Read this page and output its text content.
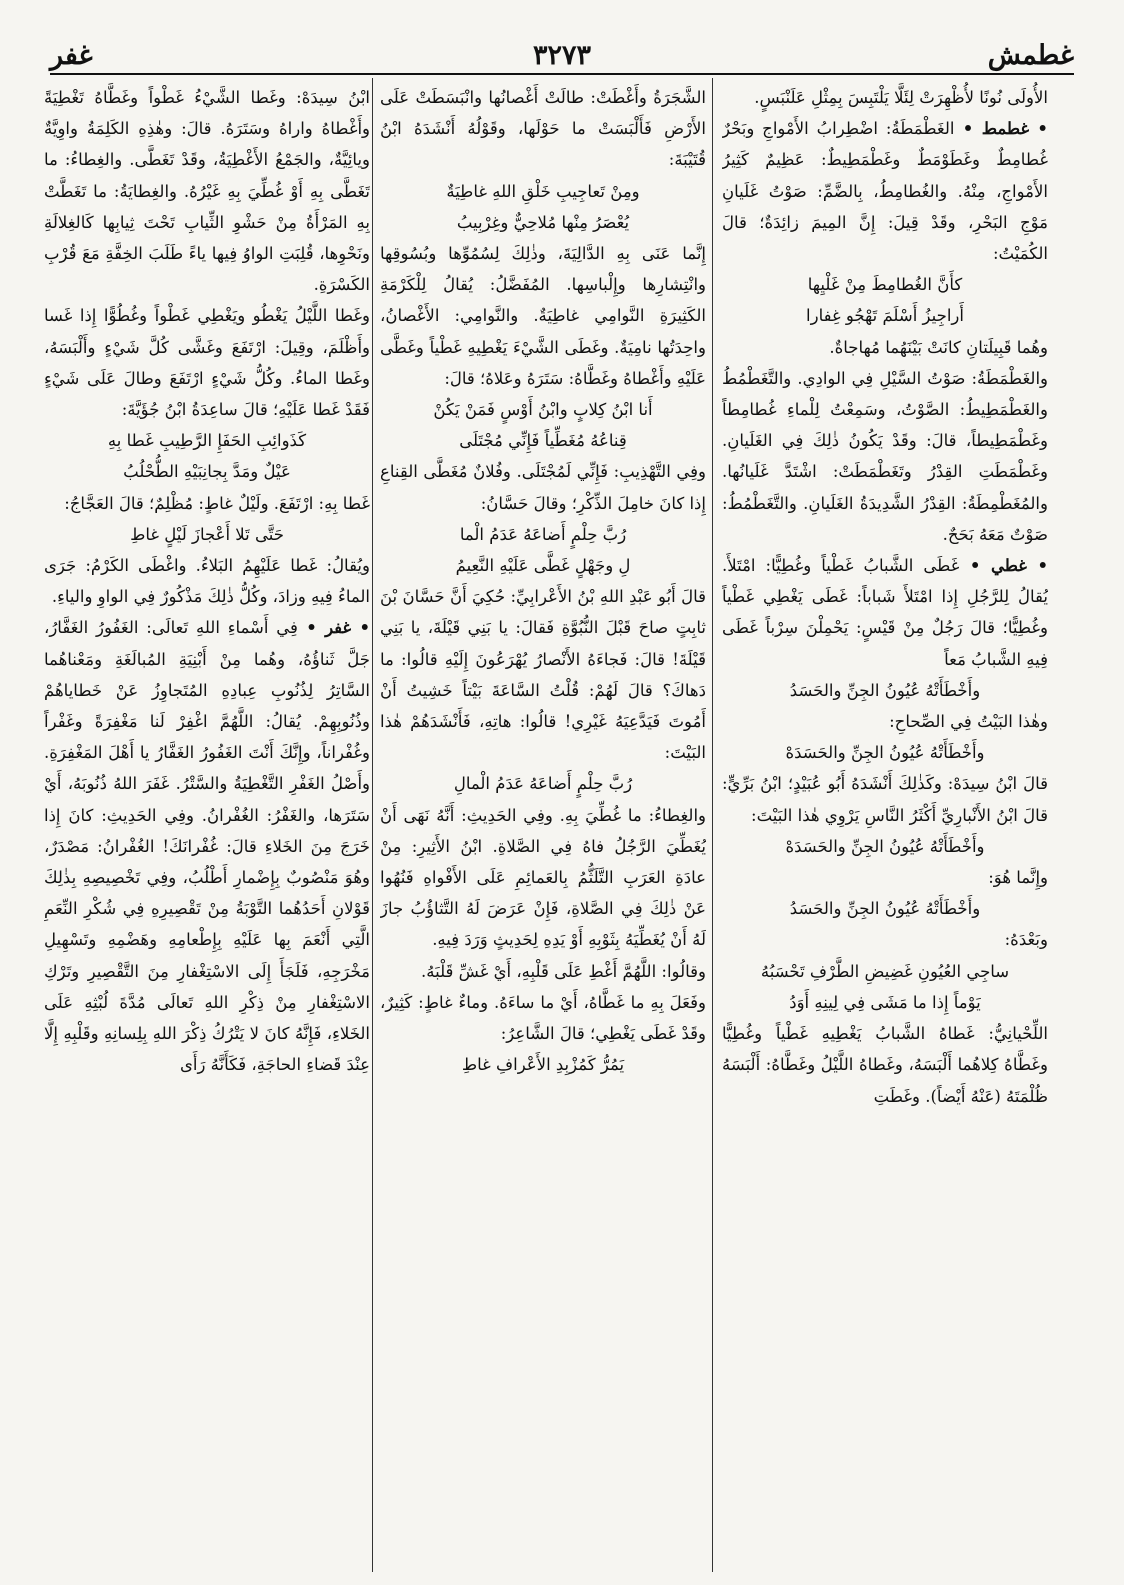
غفر	٣٢٧٣	غطمش

الأُولَى نُونًا لأُظْهِرَتْ لِئَلَّا يَلْتَبِسَ بِمِثْلِ عَلَنْبَسٍ.

• غطمط • الغَطْمَطَةُ: اضْطِرابُ الأَمْواجِ وبَحْرٌ غُطامِطٌ وغَطَوْمَطٌ وغَطْمَطِيطٌ: عَظِيمٌ كَثِيرُ الأَمْواجِ، مِنْهُ. والغُطامِطُ، بِالضَّمِّ: صَوْتُ غَلَيانِ مَوْجِ البَحْرِ، وقَدْ قِيلَ: إِنَّ المِيمَ زائِدَةٌ؛ قالَ الكُمَيْتُ:

كأَنَّ الغُطامِطَ مِنْ غَلْيِها

أَراجِيزُ أَسْلَمَ تَهْجُو غِفارا

وهُما قَبِيلَتانِ كانَتْ بَيْنَهُما مُهاجاةٌ.

والغَطْمَطَةُ: صَوْتُ السَّيْلِ فِي الوادِي. والتَّغَطْمُطُ والغَطْمَطِيطُ: الصَّوْتُ، وسَمِعْتُ لِلْماءِ غُطامِطاً وغَطْمَطِيطاً، قالَ: وقَدْ يَكُونُ ذٰلِكَ فِي الغَلَيانِ. وغَطْمَطَتِ القِدْرُ وتَغَطْمَطَتْ: اشْتَدَّ غَلَيانُها. والمُغَطْمِطَةُ: القِدْرُ الشَّدِيدَةُ الغَلَيانِ. والتَّغَطْمُطُ: صَوْتٌ مَعَهُ بَحَحٌ.

• غطي • غَطَى الشَّبابُ غَطْياً وغُطِيًّا: امْتَلأَ. يُقالُ لِلرَّجُلِ إِذا امْتَلأَ شَباباً: غَطَى يَغْطِي غَطْياً وغُطِيًّا؛ قالَ رَجُلٌ مِنْ قَيْسٍ: يَحْمِلْنَ سِرْباً غَطَى فِيهِ الشَّبابُ مَعاً

وأَخْطَأَتْهُ عُيُونُ الجِنِّ والحَسَدُ

وهٰذا البَيْتُ فِي الصِّحاحِ:

وأَخْطَأَتْهُ عُيُونُ الجِنِّ والحَسَدَهْ

قالَ ابْنُ سِيدَهْ: وكَذٰلِكَ أَنْشَدَهُ أَبُو عُبَيْدٍ؛ ابْنُ بَرِّيٍّ: قالَ ابْنُ الأَنْبارِيِّ أَكْثَرُ النَّاسِ يَرْوِي هٰذا البَيْتَ:

وأَخْطَأَتْهُ عُيُونُ الجِنِّ والحَسَدَهْ

وإِنَّما هُوَ:

وأَخْطَأَتْهُ عُيُونُ الجِنِّ والحَسَدُ

وبَعْدَهُ:

ساجِي العُيُونِ غَضِيضِ الطَّرْفِ تَحْسَبُهُ

يَوْماً إِذا ما مَشَى فِي لِينِهِ أَوَدُ

اللِّحْيانِيُّ: غَطاهُ الشَّبابُ يَغْطِيهِ غَطْياً وغُطِيًّا وغَطَّاهُ كِلاهُما أَلْبَسَهُ، وغَطاهُ اللَّيْلُ وغَطَّاهُ: أَلْبَسَهُ ظُلْمَتَهُ (عَنْهُ أَيْضاً). وغَطَتِ

الشَّجَرَةُ وأَغْطَتْ: طالَتْ أَغْصانُها وانْبَسَطَتْ عَلَى الأَرْضِ فَأَلْبَسَتْ ما حَوْلَها، وقَوْلُهُ أَنْشَدَهُ ابْنُ قُتَيْبَةَ:

ومِنْ تَعاجِيبِ خَلْقِ اللهِ غاطِيَةٌ

يُعْصَرُ مِنْها مُلاحِيٌّ وغِرْبِيبُ

إِنَّما عَنَى بِهِ الدَّالِيَةَ، وذٰلِكَ لِسُمُوِّها وبُسُوقِها وانْتِشارِها وإِلْباسِها. المُفَضَّلُ: يُقالُ لِلْكَرْمَةِ الكَثِيرَةِ النَّوامِي غاطِيَةٌ. والنَّوامِي: الأَغْصانُ، واحِدَتُها نامِيَةٌ. وغَطَى الشَّيْءَ يَغْطِيهِ غَطْياً وغَطَّى عَلَيْهِ وأَغْطاهُ وغَطَّاهُ: سَتَرَهُ وعَلاهُ؛ قالَ:

أَنا ابْنُ كِلابٍ وابْنُ أَوْسٍ فَمَنْ يَكُنْ

قِناعُهُ مُغَطِّياً فَإِنِّي مُجْتَلَى

وفِي التَّهْذِيبِ: فَإِنِّي لَمُجْتَلَى. وفُلانٌ مُغَطَّى القِناعِ إِذا كانَ خامِلَ الذِّكْرِ؛ وقالَ حَسَّانُ:

رُبَّ حِلْمٍ أَضاعَهُ عَدَمُ الْما

لِ وجَهْلٍ غَطَّى عَلَيْهِ النَّعِيمُ

قالَ أَبُو عَبْدِ اللهِ بْنُ الأَعْرابِيِّ: حُكِيَ أَنَّ حَسَّانَ بْنَ ثابِتٍ صاحَ قَبْلَ النُّبُوَّةِ فَقالَ: يا بَنِي قَيْلَةَ، يا بَنِي قَيْلَةَ! قالَ: فَجاءَهُ الأَنْصارُ يُهْرَعُونَ إِلَيْهِ قالُوا: ما دَهاكَ؟ قالَ لَهُمْ: قُلْتُ السَّاعَةَ بَيْتاً خَشِيتُ أَنْ أَمُوتَ فَيَدَّعِيَهُ غَيْرِي! قالُوا: هاتِهِ، فَأَنْشَدَهُمْ هٰذا البَيْتَ:

رُبَّ حِلْمٍ أَضاعَهُ عَدَمُ الْمالِ

والغِطاءُ: ما غُطِّيَ بِهِ. وفِي الحَدِيثِ: أَنَّهُ نَهَى أَنْ يُغَطِّيَ الرَّجُلُ فاهُ فِي الصَّلاةِ. ابْنُ الأَثِيرِ: مِنْ عادَةِ العَرَبِ التَّلَثُّمُ بِالعَمائِمِ عَلَى الأَفْواهِ فَنُهُوا عَنْ ذٰلِكَ فِي الصَّلاةِ، فَإِنْ عَرَضَ لَهُ التَّثاؤُبُ جازَ لَهُ أَنْ يُغَطِّيَهُ بِثَوْبِهِ أَوْ يَدِهِ لِحَدِيثٍ وَرَدَ فِيهِ.

وقالُوا: اللَّهُمَّ أَغْطِ عَلَى قَلْبِهِ، أَيْ غَشِّ قَلْبَهُ.

وفَعَلَ بِهِ ما غَطَّاهُ، أَيْ ما ساءَهُ. وماءٌ غاطٍ: كَثِيرٌ، وقَدْ غَطَى يَغْطِي؛ قالَ الشَّاعِرُ:

يَمُرُّ كَمُزْبِدِ الأَعْرافِ غاطِ

ابْنُ سِيدَهْ: وغَطا الشَّيْءُ غَطْواً وغَطَّاهُ تَغْطِيَةً وأَغْطاهُ واراهُ وسَتَرَهُ. قالَ: وهٰذِهِ الكَلِمَةُ واوِيَّةٌ ويائِيَّةٌ، والجَمْعُ الأَغْطِيَةُ، وقَدْ تَغَطَّى. والغِطاءُ: ما تَغَطَّى بِهِ أَوْ غُطِّيَ بِهِ غَيْرُهُ. والغِطايَةُ: ما تَغَطَّتْ بِهِ المَرْأَةُ مِنْ حَشْوِ الثِّيابِ تَحْتَ ثِيابِها كَالغِلالَةِ ونَحْوِها، قُلِبَتِ الواوُ فِيها ياءً طَلَبَ الخِفَّةِ مَعَ قُرْبِ الكَسْرَةِ.

وغَطا اللَّيْلُ يَغْطُو ويَغْطِي غَطْواً وغُطُوًّا إِذا غَسا وأَظْلَمَ، وقِيلَ: ارْتَفَعَ وغَشَّى كُلَّ شَيْءٍ وأَلْبَسَهُ، وغَطا الماءُ. وكُلُّ شَيْءٍ ارْتَفَعَ وطالَ عَلَى شَيْءٍ فَقَدْ غَطا عَلَيْهِ؛ قالَ ساعِدَةُ ابْنُ جُؤَيَّةَ:

كَذَوائِبِ الحَفَإِ الرَّطِيبِ غَطا بِهِ

عَيْلٌ ومَدَّ بِجانِبَيْهِ الطُّحْلُبُ

غَطا بِهِ: ارْتَفَعَ. ولَيْلٌ غاطٍ: مُظْلِمٌ؛ قالَ العَجَّاجُ:

حَتَّى تَلا أَعْجازَ لَيْلٍ غاطِ

ويُقالُ: غَطا عَلَيْهِمُ البَلاءُ. واغْطَى الكَرْمُ: جَرَى الماءُ فِيهِ وزادَ، وكُلُّ ذٰلِكَ مَذْكُورٌ فِي الواوِ والياءِ.

• غفر • فِي أَسْماءِ اللهِ تَعالَى: الغَفُورُ الغَفَّارُ، جَلَّ ثَناؤُهُ، وهُما مِنْ أَبْنِيَةِ المُبالَغَةِ ومَعْناهُما السَّاتِرُ لِذُنُوبِ عِبادِهِ المُتَجاوِزُ عَنْ خَطاياهُمْ وذُنُوبِهِمْ. يُقالُ: اللَّهُمَّ اغْفِرْ لَنا مَغْفِرَةً وغَفْراً وغُفْراناً، وإِنَّكَ أَنْتَ الغَفُورُ الغَفَّارُ يا أَهْلَ المَغْفِرَةِ. وأَصْلُ الغَفْرِ التَّغْطِيَةُ والسَّتْرُ. غَفَرَ اللهُ ذُنُوبَهُ، أَيْ سَتَرَها، والغَفْرُ: الغُفْرانُ. وفِي الحَدِيثِ: كانَ إِذا خَرَجَ مِنَ الخَلاءِ قالَ: غُفْرانَكَ! الغُفْرانُ: مَصْدَرٌ، وهُوَ مَنْصُوبٌ بِإِضْمارِ أَطْلُبُ، وفِي تَخْصِيصِهِ بِذٰلِكَ قَوْلانِ أَحَدُهُما التَّوْبَةُ مِنْ تَقْصِيرِهِ فِي شُكْرِ النِّعَمِ الَّتِي أَنْعَمَ بِها عَلَيْهِ بِإِطْعامِهِ وهَضْمِهِ وتَسْهِيلِ مَخْرَجِهِ، فَلَجَأَ إِلَى الاسْتِغْفارِ مِنَ التَّقْصِيرِ وتَرْكِ الاسْتِغْفارِ مِنْ ذِكْرِ اللهِ تَعالَى مُدَّةَ لُبْثِهِ عَلَى الخَلاءِ، فَإِنَّهُ كانَ لا يَتْرُكُ ذِكْرَ اللهِ بِلِسانِهِ وقَلْبِهِ إِلَّا عِنْدَ قَضاءِ الحاجَةِ، فَكَأَنَّهُ رَأَى
